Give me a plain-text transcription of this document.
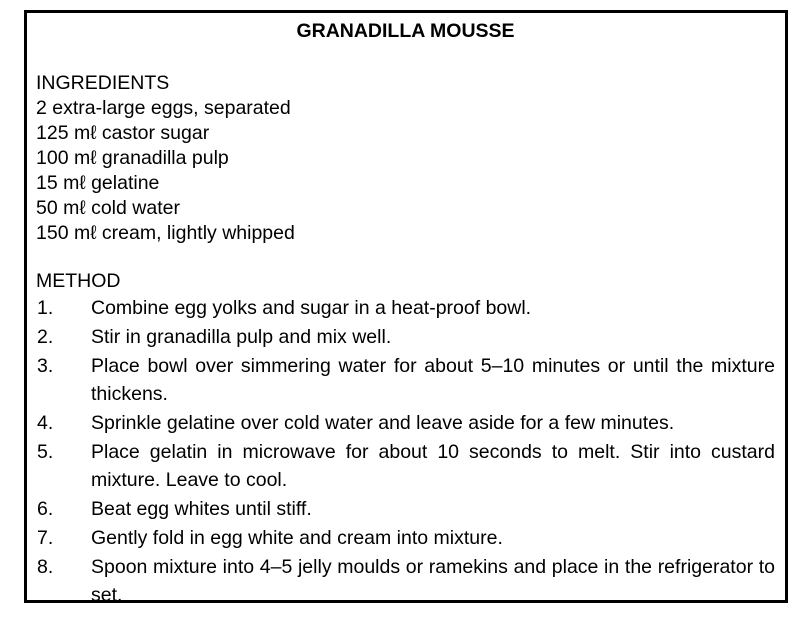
GRANADILLA MOUSSE
INGREDIENTS
2 extra-large eggs, separated
125 mℓ castor sugar
100 mℓ granadilla pulp
15 mℓ gelatine
50 mℓ cold water
150 mℓ cream, lightly whipped
METHOD
1.	Combine egg yolks and sugar in a heat-proof bowl.
2.	Stir in granadilla pulp and mix well.
3.	Place bowl over simmering water for about 5–10 minutes or until the mixture thickens.
4.	Sprinkle gelatine over cold water and leave aside for a few minutes.
5.	Place gelatin in microwave for about 10 seconds to melt. Stir into custard mixture. Leave to cool.
6.	Beat egg whites until stiff.
7.	Gently fold in egg white and cream into mixture.
8.	Spoon mixture into 4–5 jelly moulds or ramekins and place in the refrigerator to set.
